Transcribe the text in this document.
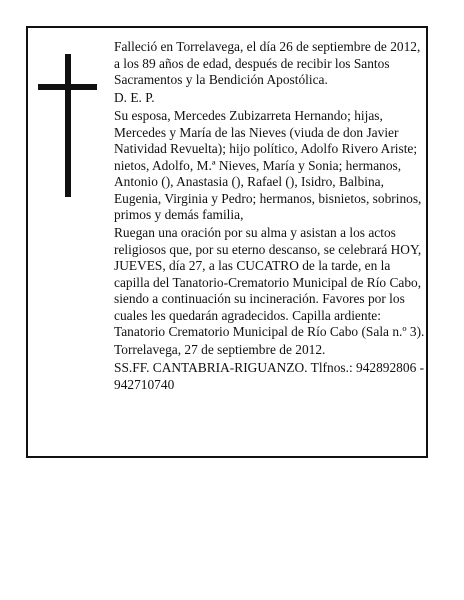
Falleció en Torrelavega, el día 26 de septiembre de 2012, a los 89 años de edad, después de recibir los Santos Sacramentos y la Bendición Apostólica.

D. E. P.

Su esposa, Mercedes Zubizarreta Hernando; hijas, Mercedes y María de las Nieves (viuda de don Javier Natividad Revuelta); hijo político, Adolfo Rivero Ariste; nietos, Adolfo, M.ª Nieves, María y Sonia; hermanos, Antonio (), Anastasia (), Rafael (), Isidro, Balbina, Eugenia, Virginia y Pedro; hermanos, bisnietos, sobrinos, primos y demás familia,

Ruegan una oración por su alma y asistan a los actos religiosos que, por su eterno descanso, se celebrará HOY, JUEVES, día 27, a las CUCATRO de la tarde, en la capilla del Tanatorio-Crematorio Municipal de Río Cabo, siendo a continuación su incineración. Favores por los cuales les quedarán agradecidos. Capilla ardiente: Tanatorio Crematorio Municipal de Río Cabo (Sala n.º 3).

Torrelavega, 27 de septiembre de 2012.

SS.FF. CANTABRIA-RIGUANZO. Tlfnos.: 942892806 - 942710740
